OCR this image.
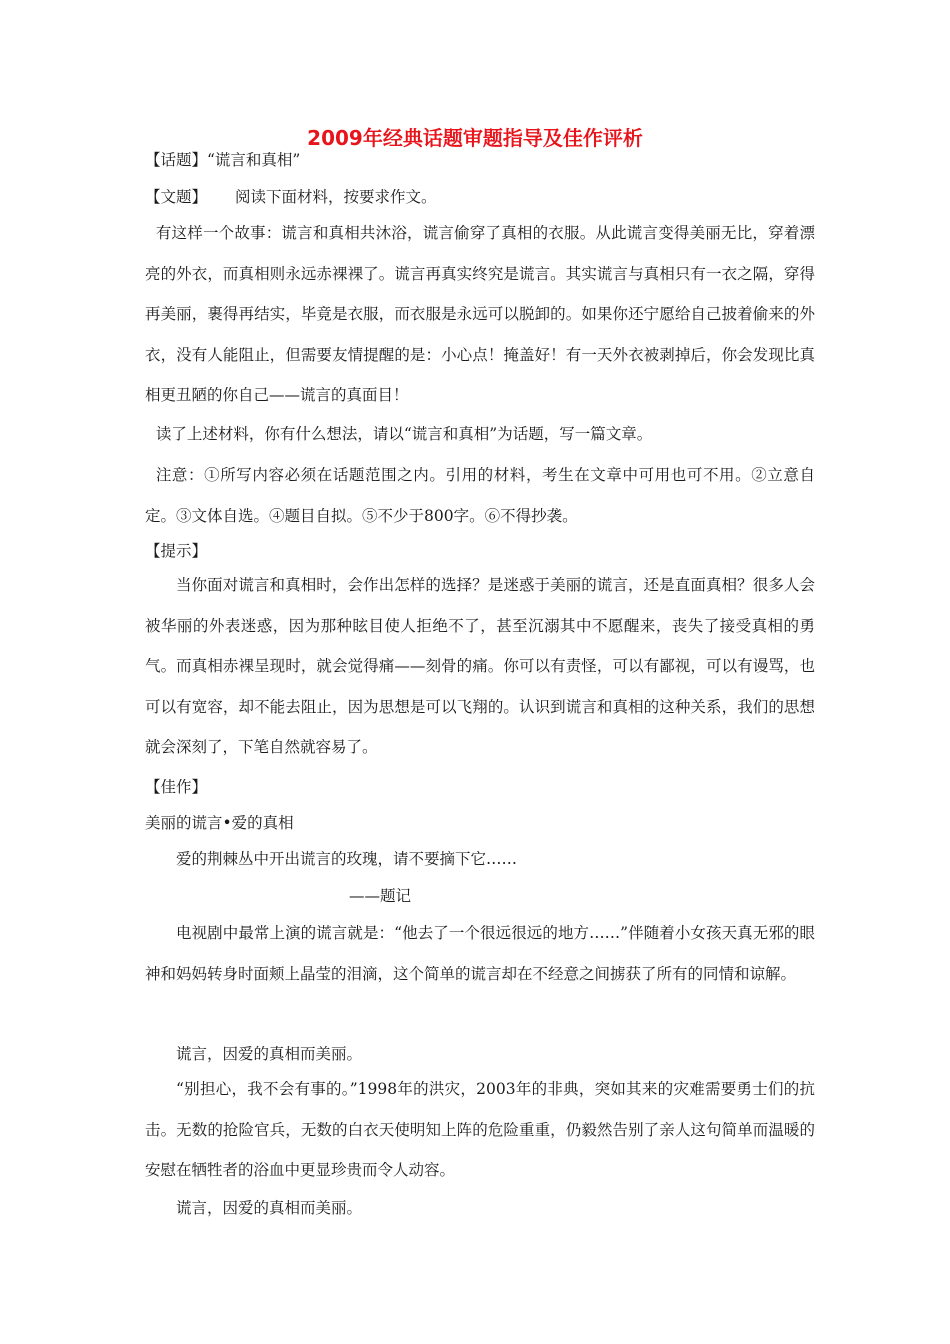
2009年经典话题审题指导及佳作评析
【话题】“谎言和真相”
【文题】 阅读下面材料，按要求作文。
有这样一个故事：谎言和真相共沐浴，谎言偷穿了真相的衣服。从此谎言变得美丽无比，穿着漂亮的外衣，而真相则永远赤裸裸了。谎言再真实终究是谎言。其实谎言与真相只有一衣之隔，穿得再美丽，裹得再结实，毕竟是衣服，而衣服是永远可以脱卸的。如果你还宁愿给自己披着偷来的外衣，没有人能阻止，但需要友情提醒的是：小心点！掩盖好！有一天外衣被剥掉后，你会发现比真相更丑陋的你自己——谎言的真面目！
读了上述材料，你有什么想法，请以“谎言和真相”为话题，写一篇文章。
注意：①所写内容必须在话题范围之内。引用的材料，考生在文章中可用也可不用。②立意自定。③文体自选。④题目自拟。⑤不少于800字。⑥不得抄袭。
【提示】
当你面对谎言和真相时，会作出怎样的选择？是迷惑于美丽的谎言，还是直面真相？很多人会被华丽的外表迷惑，因为那种眩目使人拒绝不了，甚至沉溺其中不愿醒来，丧失了接受真相的勇气。而真相赤裸呈现时，就会觉得痛——刻骨的痛。你可以有责怪，可以有鄙视，可以有谩骂，也可以有宽容，却不能去阻止，因为思想是可以飞翔的。认识到谎言和真相的这种关系，我们的思想就会深刻了，下笔自然就容易了。
【佳作】
美丽的谎言•爱的真相
爱的荆棘丛中开出谎言的玫瑰，请不要摘下它……
——题记
电视剧中最常上演的谎言就是：“他去了一个很远很远的地方……”伴随着小女孩天真无邪的眼神和妈妈转身时面颊上晶莹的泪滴，这个简单的谎言却在不经意之间掳获了所有的同情和谅解。
谎言，因爱的真相而美丽。
“别担心，我不会有事的。”1998年的洪灾，2003年的非典，突如其来的灾难需要勇士们的抗击。无数的抢险官兵，无数的白衣天使明知上阵的危险重重，仍毅然告别了亲人这句简单而温暖的安慰在牺牲者的浴血中更显珍贵而令人动容。
谎言，因爱的真相而美丽。
